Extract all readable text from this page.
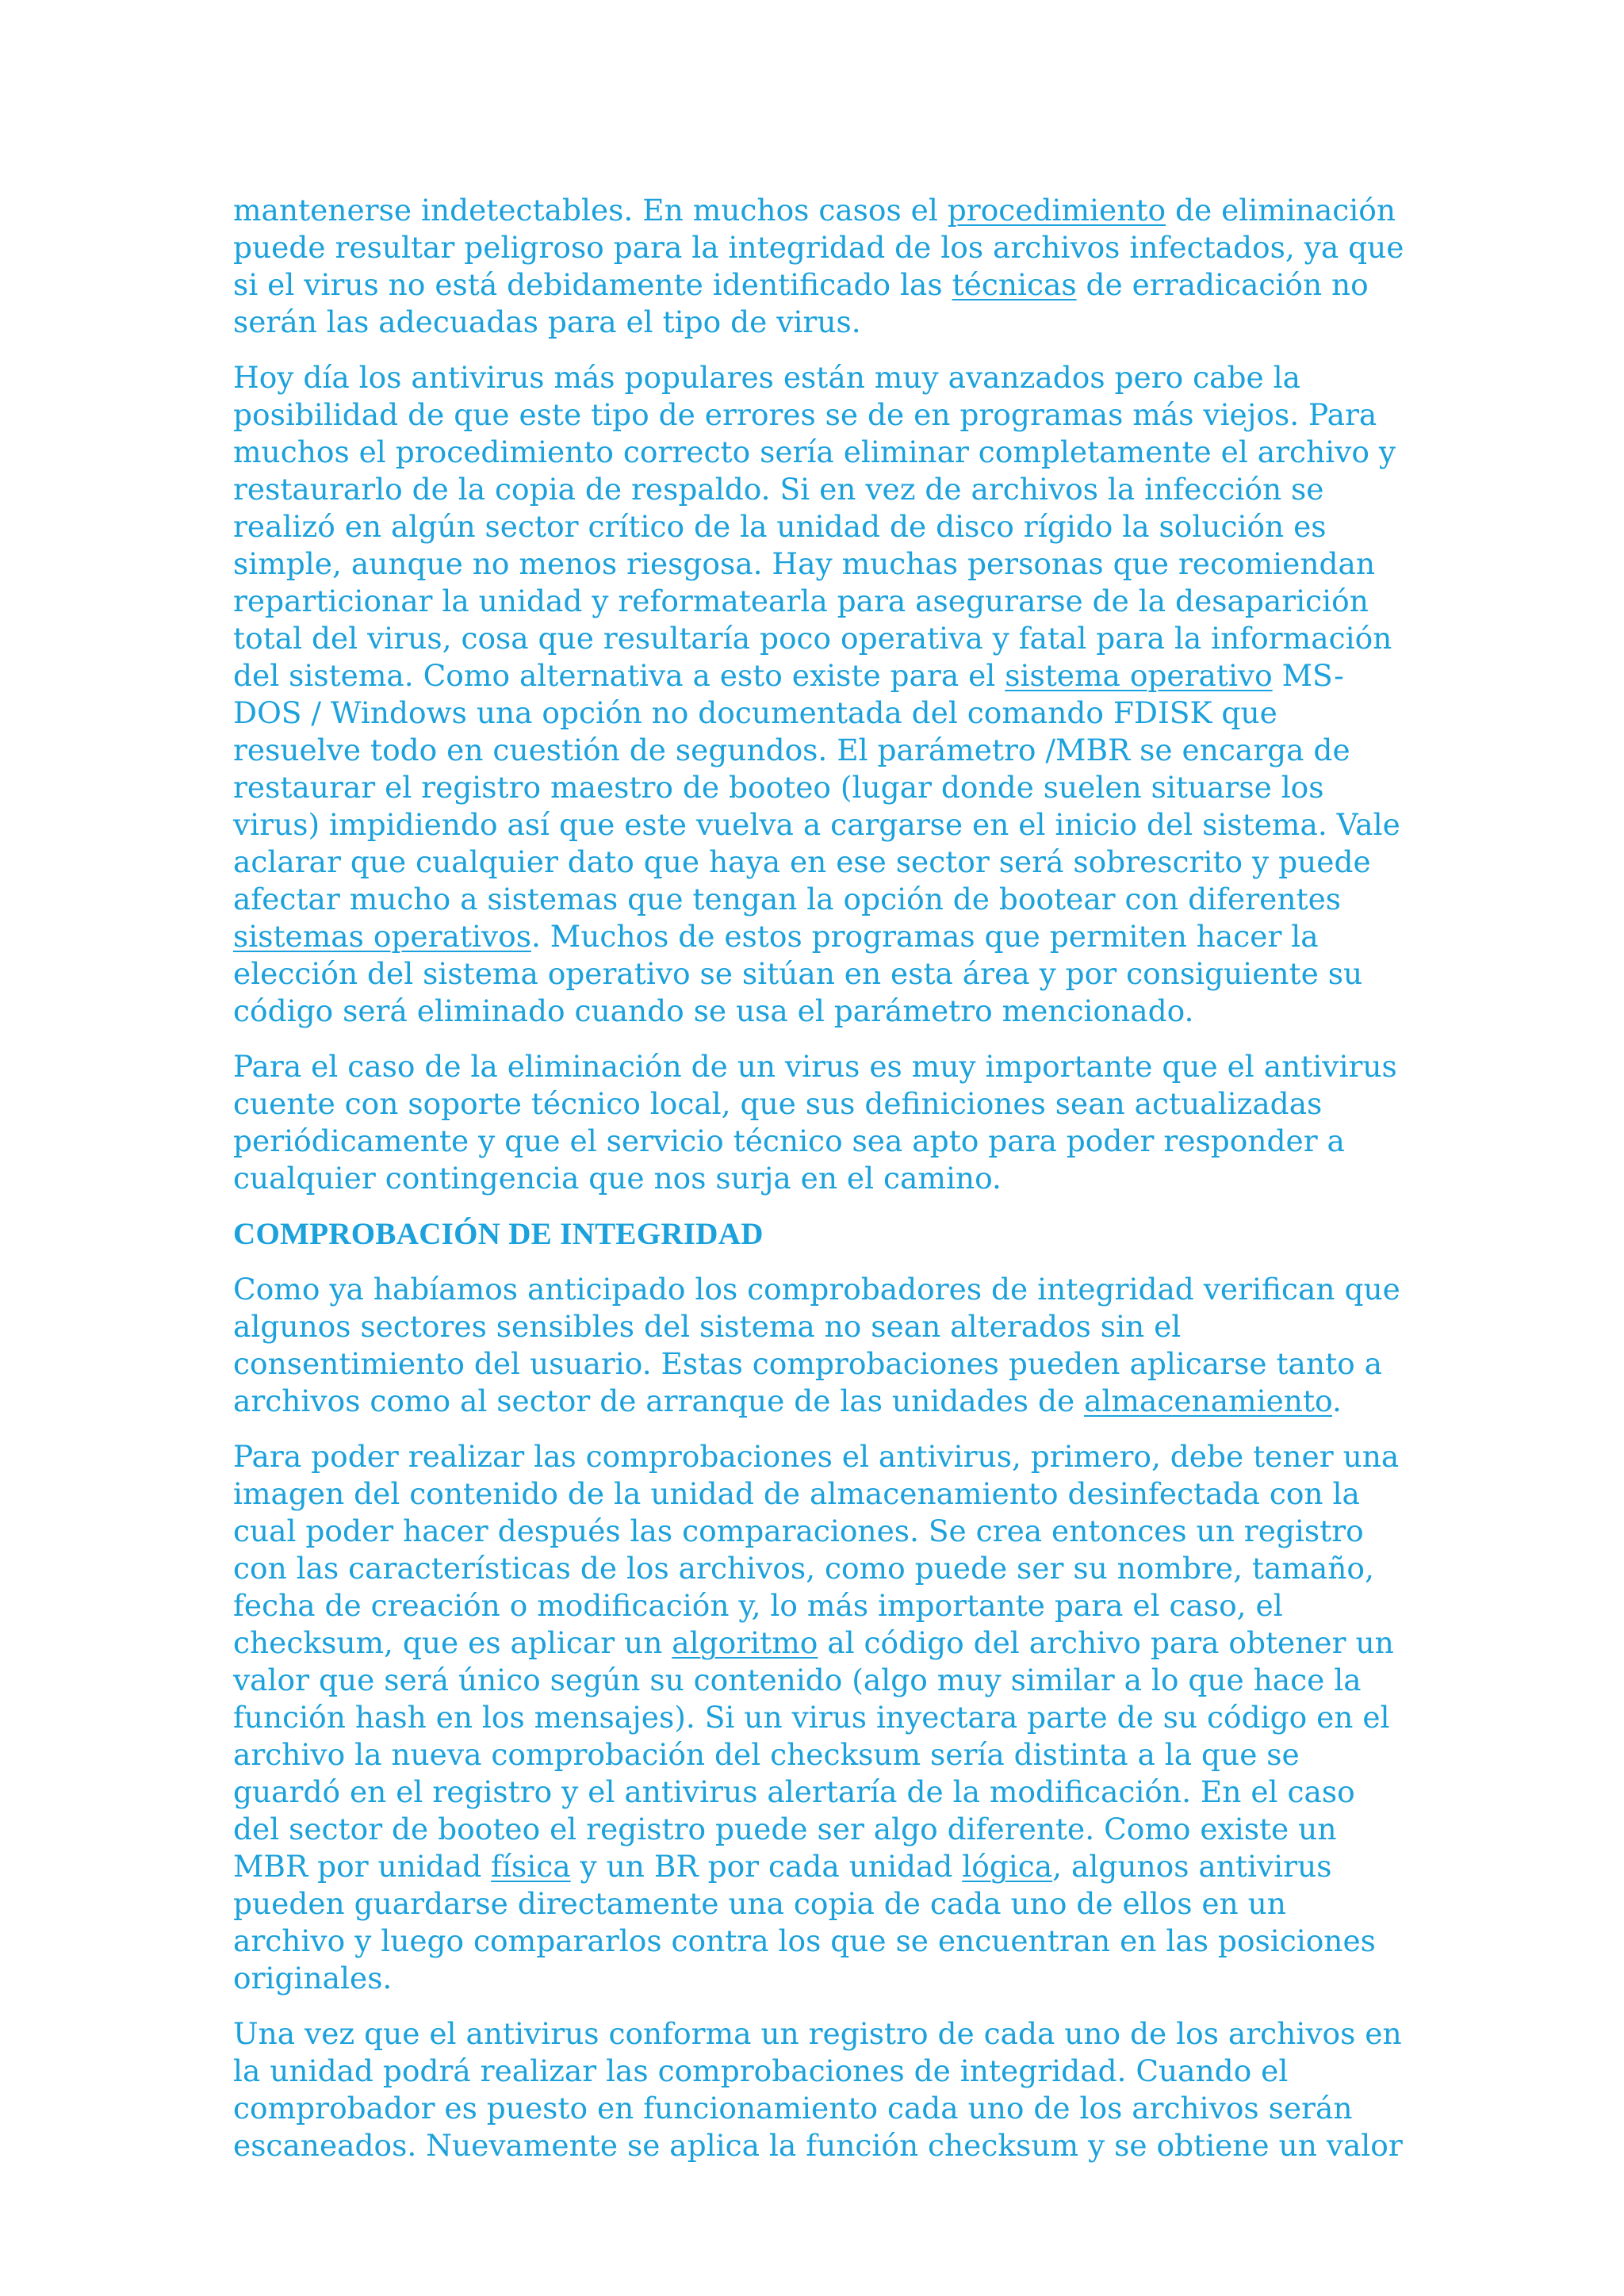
mantenerse indetectables. En muchos casos el procedimiento de eliminación puede resultar peligroso para la integridad de los archivos infectados, ya que si el virus no está debidamente identificado las técnicas de erradicación no serán las adecuadas para el tipo de virus.

Hoy día los antivirus más populares están muy avanzados pero cabe la posibilidad de que este tipo de errores se de en programas más viejos. Para muchos el procedimiento correcto sería eliminar completamente el archivo y restaurarlo de la copia de respaldo. Si en vez de archivos la infección se realizó en algún sector crítico de la unidad de disco rígido la solución es simple, aunque no menos riesgosa. Hay muchas personas que recomiendan reparticionar la unidad y reformatearla para asegurarse de la desaparición total del virus, cosa que resultaría poco operativa y fatal para la información del sistema. Como alternativa a esto existe para el sistema operativo MS-DOS / Windows una opción no documentada del comando FDISK que resuelve todo en cuestión de segundos. El parámetro /MBR se encarga de restaurar el registro maestro de booteo (lugar donde suelen situarse los virus) impidiendo así que este vuelva a cargarse en el inicio del sistema. Vale aclarar que cualquier dato que haya en ese sector será sobrescrito y puede afectar mucho a sistemas que tengan la opción de bootear con diferentes sistemas operativos. Muchos de estos programas que permiten hacer la elección del sistema operativo se sitúan en esta área y por consiguiente su código será eliminado cuando se usa el parámetro mencionado.

Para el caso de la eliminación de un virus es muy importante que el antivirus cuente con soporte técnico local, que sus definiciones sean actualizadas periódicamente y que el servicio técnico sea apto para poder responder a cualquier contingencia que nos surja en el camino.

COMPROBACIÓN DE INTEGRIDAD

Como ya habíamos anticipado los comprobadores de integridad verifican que algunos sectores sensibles del sistema no sean alterados sin el consentimiento del usuario. Estas comprobaciones pueden aplicarse tanto a archivos como al sector de arranque de las unidades de almacenamiento.

Para poder realizar las comprobaciones el antivirus, primero, debe tener una imagen del contenido de la unidad de almacenamiento desinfectada con la cual poder hacer después las comparaciones. Se crea entonces un registro con las características de los archivos, como puede ser su nombre, tamaño, fecha de creación o modificación y, lo más importante para el caso, el checksum, que es aplicar un algoritmo al código del archivo para obtener un valor que será único según su contenido (algo muy similar a lo que hace la función hash en los mensajes). Si un virus inyectara parte de su código en el archivo la nueva comprobación del checksum sería distinta a la que se guardó en el registro y el antivirus alertaría de la modificación. En el caso del sector de booteo el registro puede ser algo diferente. Como existe un MBR por unidad física y un BR por cada unidad lógica, algunos antivirus pueden guardarse directamente una copia de cada uno de ellos en un archivo y luego compararlos contra los que se encuentran en las posiciones originales.

Una vez que el antivirus conforma un registro de cada uno de los archivos en la unidad podrá realizar las comprobaciones de integridad. Cuando el comprobador es puesto en funcionamiento cada uno de los archivos serán escaneados. Nuevamente se aplica la función checksum y se obtiene un valor
